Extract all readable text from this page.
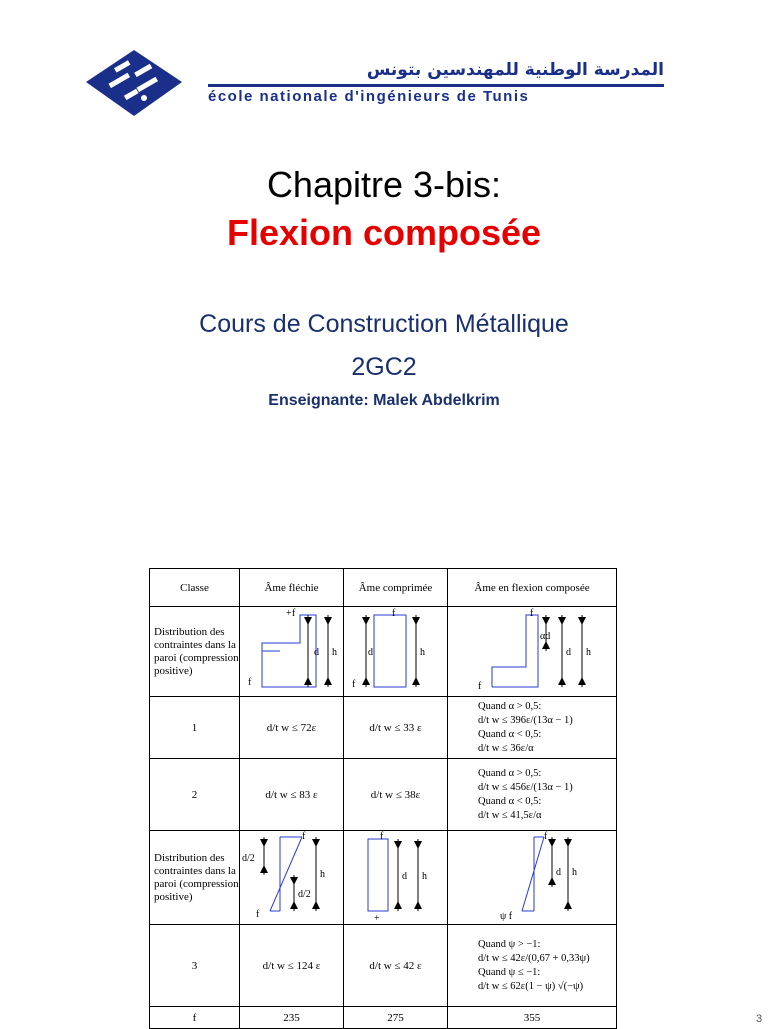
المدرسة الوطنية للمهندسين بتونس
école nationale d'ingénieurs de Tunis
Chapitre 3-bis:
Flexion composée
Cours de Construction Métallique
2GC2
Enseignante: Malek Abdelkrim
Classe	Âme fléchie	Âme comprimée	Âme en flexion composée
Distribution des contraintes dans la paroi (compression positive)	f
d h
f
+	d h
f
f	αd
d h
f
f

1	d/t w ≤ 72ε	d/t w ≤ 33 ε	Quand α > 0,5:
d/t w ≤ 396ε/(13α − 1)
Quand α < 0,5:
d/t w ≤ 36ε/α

2	d/t w ≤ 83 ε	d/t w ≤ 38ε	Quand α > 0,5:
d/t w ≤ 456ε/(13α − 1)
Quand α < 0,5:
d/t w ≤ 41,5ε/α

Distribution des contraintes dans la paroi (compression positive)	d/2
d/2
h
f
f	d h
f
+	d h
f
ψ f

3	d/t w ≤ 124 ε	d/t w ≤ 42 ε	Quand ψ > −1:
d/t w ≤ 42ε/(0,67 + 0,33ψ)
Quand ψ ≤ −1:
d/t w ≤ 62ε(1 − ψ) √(−ψ)

f	235	275	355	3
